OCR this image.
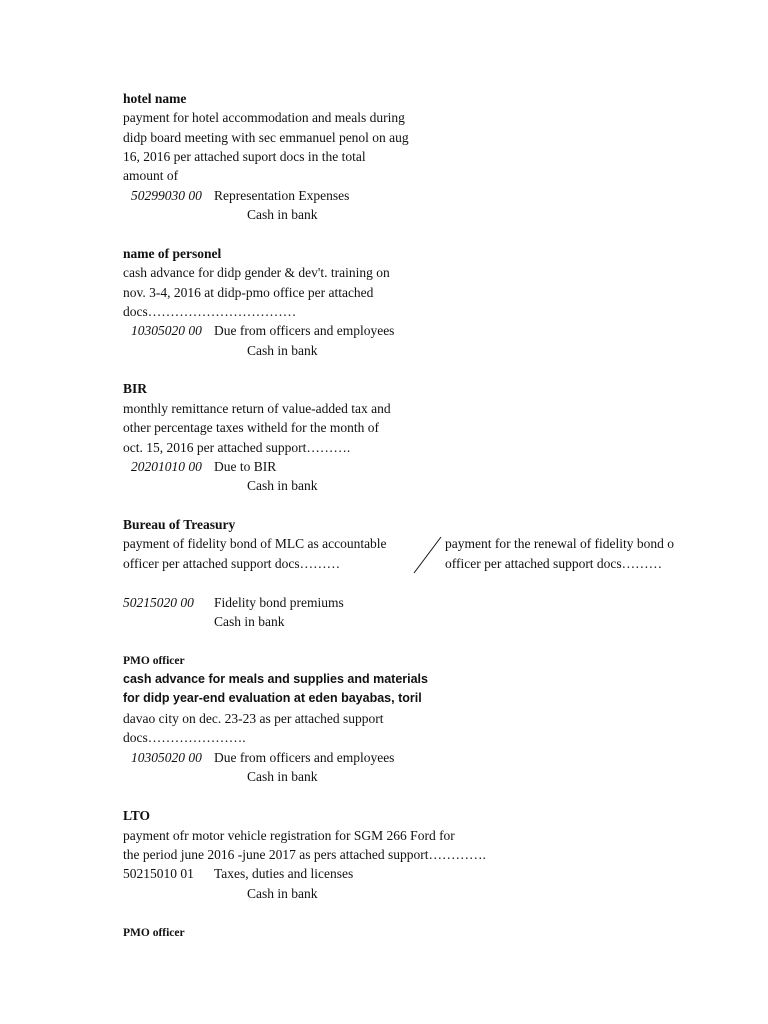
hotel name
payment for hotel accommodation and meals during
didp board meeting with sec emmanuel penol on aug
16, 2016 per attached suport docs in the total
amount of
50299030 00 Representation Expenses
Cash in bank
name of personel
cash advance for didp gender & dev't. training on
nov. 3-4, 2016 at didp-pmo office per attached
docs……………………………
10305020 00 Due from officers and employees
Cash in bank
BIR
monthly remittance return of value-added tax and
other percentage taxes witheld for the month of
oct. 15, 2016 per attached support……….
20201010 00 Due to BIR
Cash in bank
Bureau of Treasury
payment of fidelity bond of MLC as accountable
officer per attached support docs………
payment for the renewal of fidelity bond o
officer per attached support docs………
50215020 00 Fidelity bond premiums
Cash in bank
PMO officer
cash advance for meals and supplies and materials
for didp year-end evaluation at eden bayabas, toril
davao city on dec. 23-23 as per attached support
docs………………….
10305020 00 Due from officers and employees
Cash in bank
LTO
payment ofr motor vehicle registration for SGM 266 Ford for
the period june 2016 -june 2017 as pers attached support………….
50215010 01 Taxes, duties and licenses
Cash in bank
PMO officer
